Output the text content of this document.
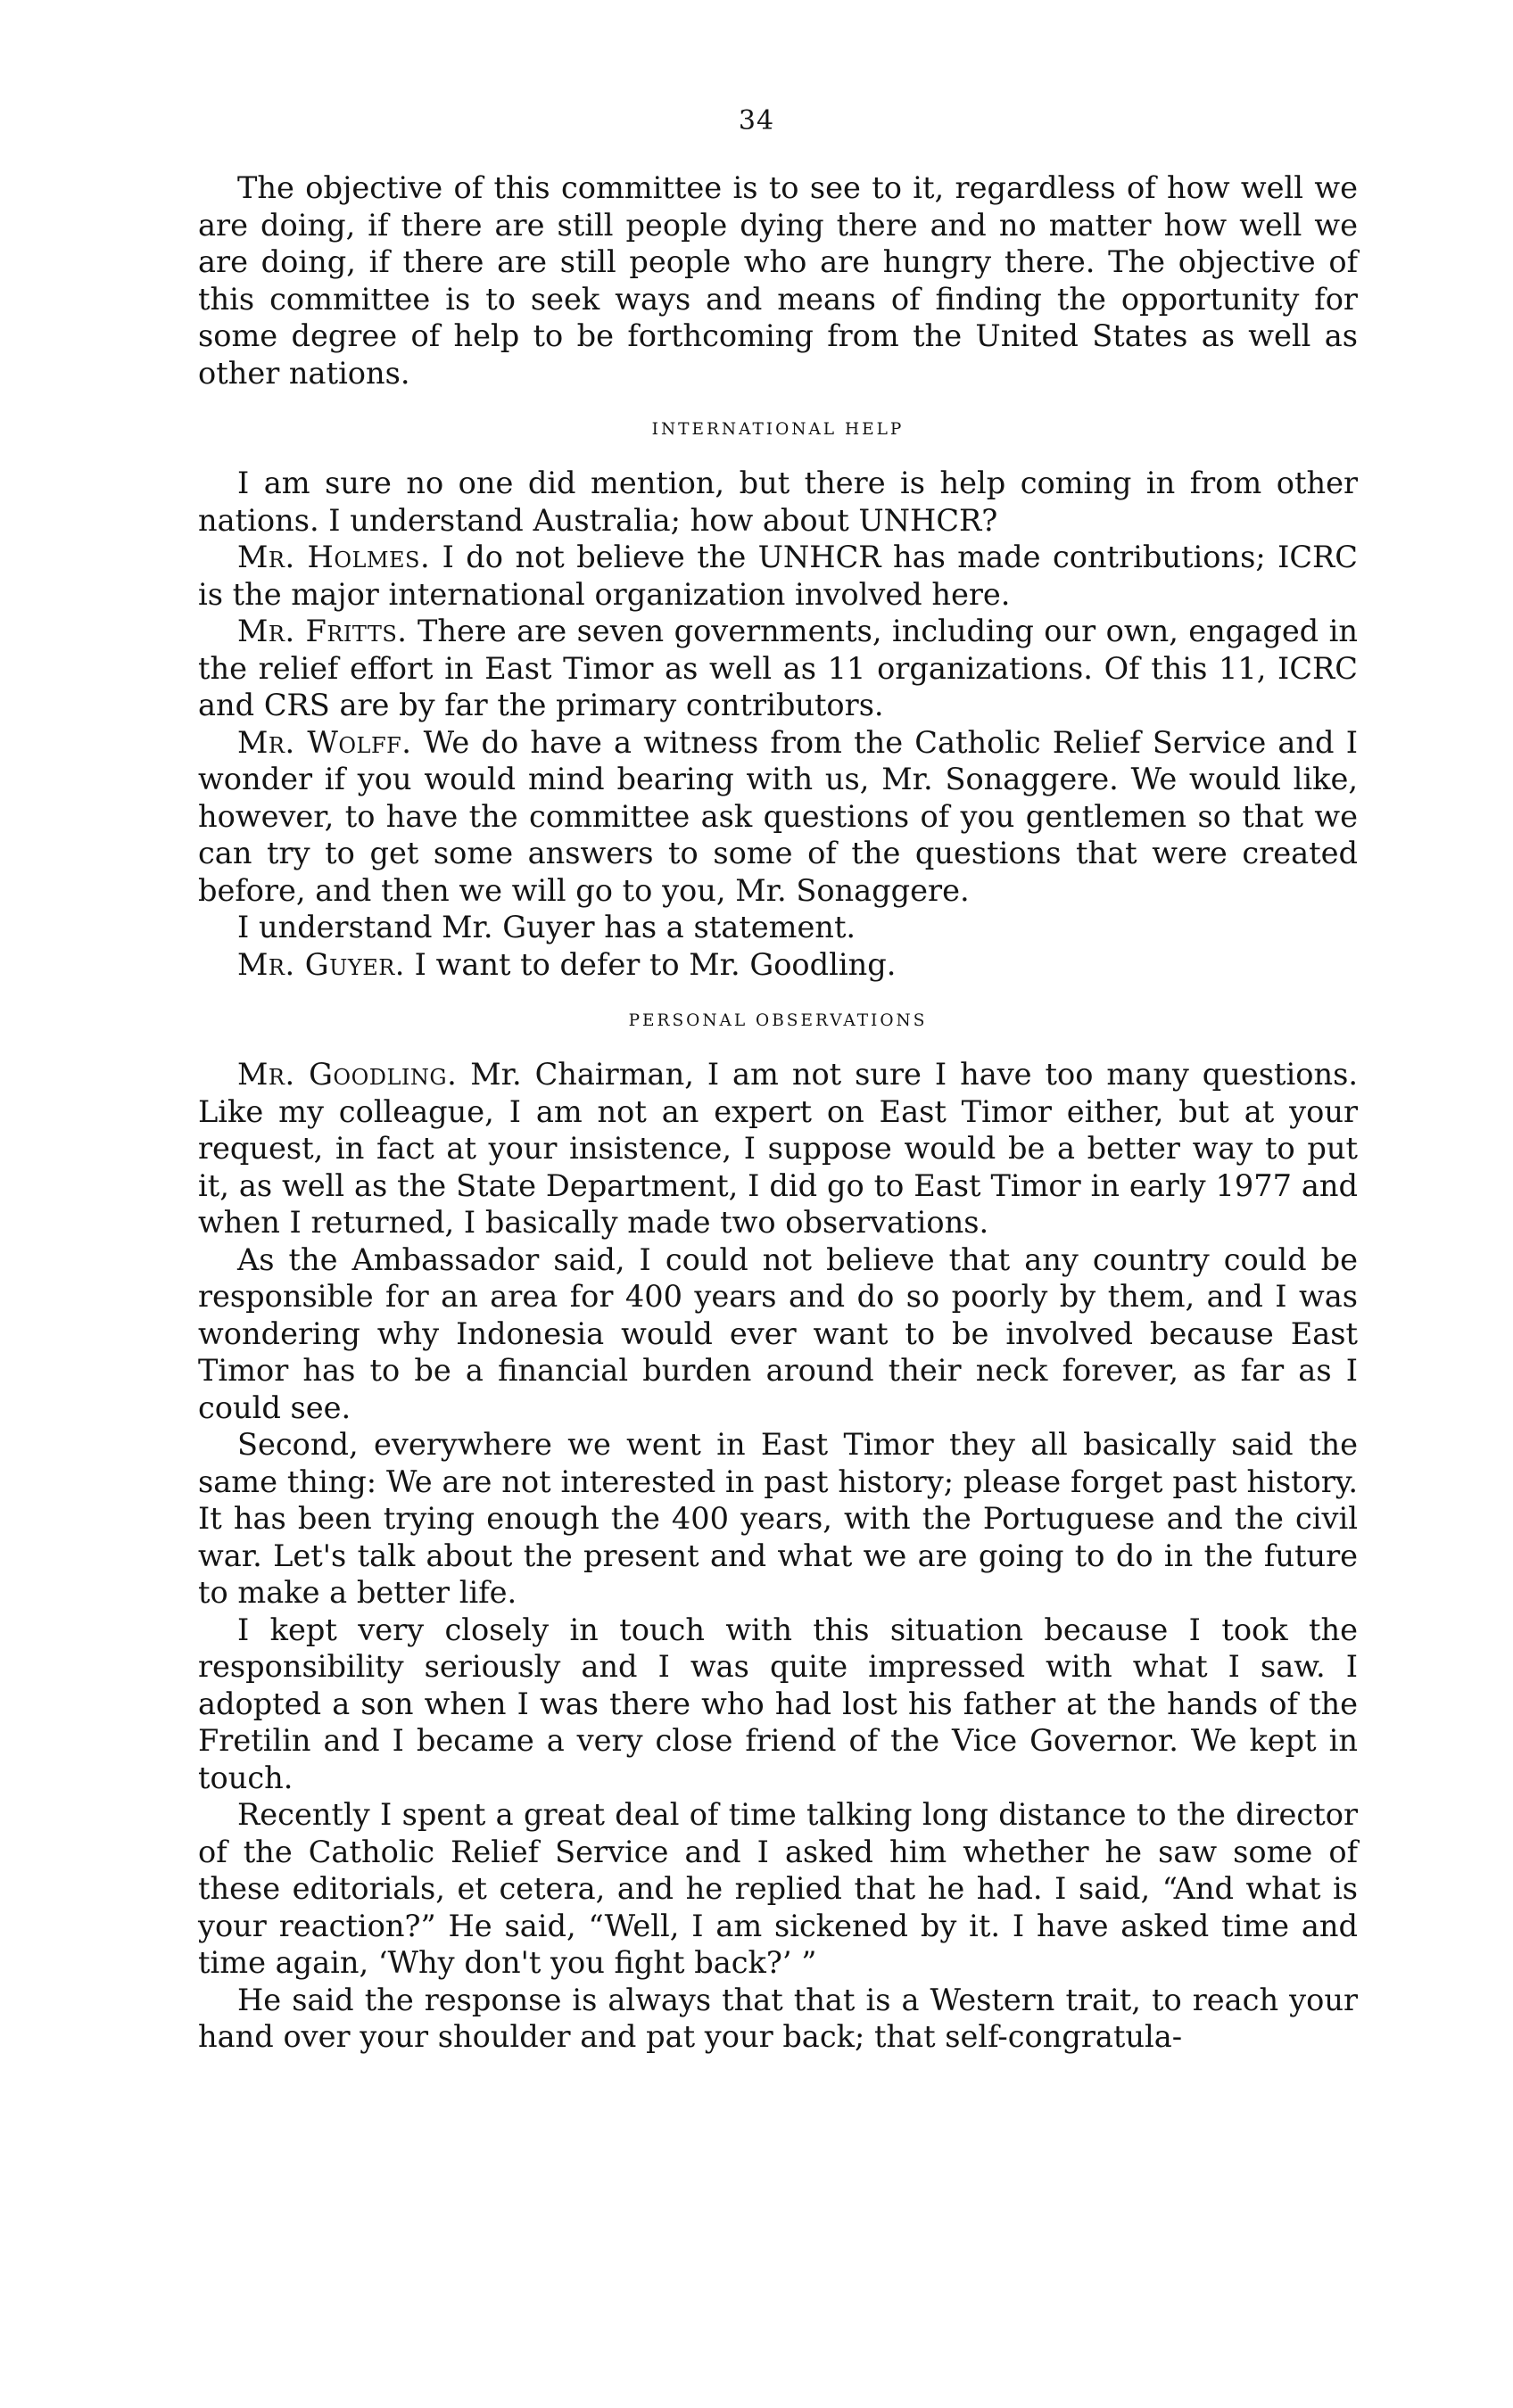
34

The objective of this committee is to see to it, regardless of how well we are doing, if there are still people dying there and no matter how well we are doing, if there are still people who are hungry there. The objective of this committee is to seek ways and means of finding the opportunity for some degree of help to be forthcoming from the United States as well as other nations.

INTERNATIONAL HELP

I am sure no one did mention, but there is help coming in from other nations. I understand Australia; how about UNHCR?

Mr. Holmes. I do not believe the UNHCR has made contributions; ICRC is the major international organization involved here.

Mr. Fritts. There are seven governments, including our own, engaged in the relief effort in East Timor as well as 11 organizations. Of this 11, ICRC and CRS are by far the primary contributors.

Mr. Wolff. We do have a witness from the Catholic Relief Service and I wonder if you would mind bearing with us, Mr. Sonaggere. We would like, however, to have the committee ask questions of you gentlemen so that we can try to get some answers to some of the questions that were created before, and then we will go to you, Mr. Sonaggere.

I understand Mr. Guyer has a statement.

Mr. Guyer. I want to defer to Mr. Goodling.

PERSONAL OBSERVATIONS

Mr. Goodling. Mr. Chairman, I am not sure I have too many questions. Like my colleague, I am not an expert on East Timor either, but at your request, in fact at your insistence, I suppose would be a better way to put it, as well as the State Department, I did go to East Timor in early 1977 and when I returned, I basically made two observations.

As the Ambassador said, I could not believe that any country could be responsible for an area for 400 years and do so poorly by them, and I was wondering why Indonesia would ever want to be involved because East Timor has to be a financial burden around their neck forever, as far as I could see.

Second, everywhere we went in East Timor they all basically said the same thing: We are not interested in past history; please forget past history. It has been trying enough the 400 years, with the Portuguese and the civil war. Let's talk about the present and what we are going to do in the future to make a better life.

I kept very closely in touch with this situation because I took the responsibility seriously and I was quite impressed with what I saw. I adopted a son when I was there who had lost his father at the hands of the Fretilin and I became a very close friend of the Vice Governor. We kept in touch.

Recently I spent a great deal of time talking long distance to the director of the Catholic Relief Service and I asked him whether he saw some of these editorials, et cetera, and he replied that he had. I said, “And what is your reaction?” He said, “Well, I am sickened by it. I have asked time and time again, ‘Why don't you fight back?’ ”

He said the response is always that that is a Western trait, to reach your hand over your shoulder and pat your back; that self-congratula-
